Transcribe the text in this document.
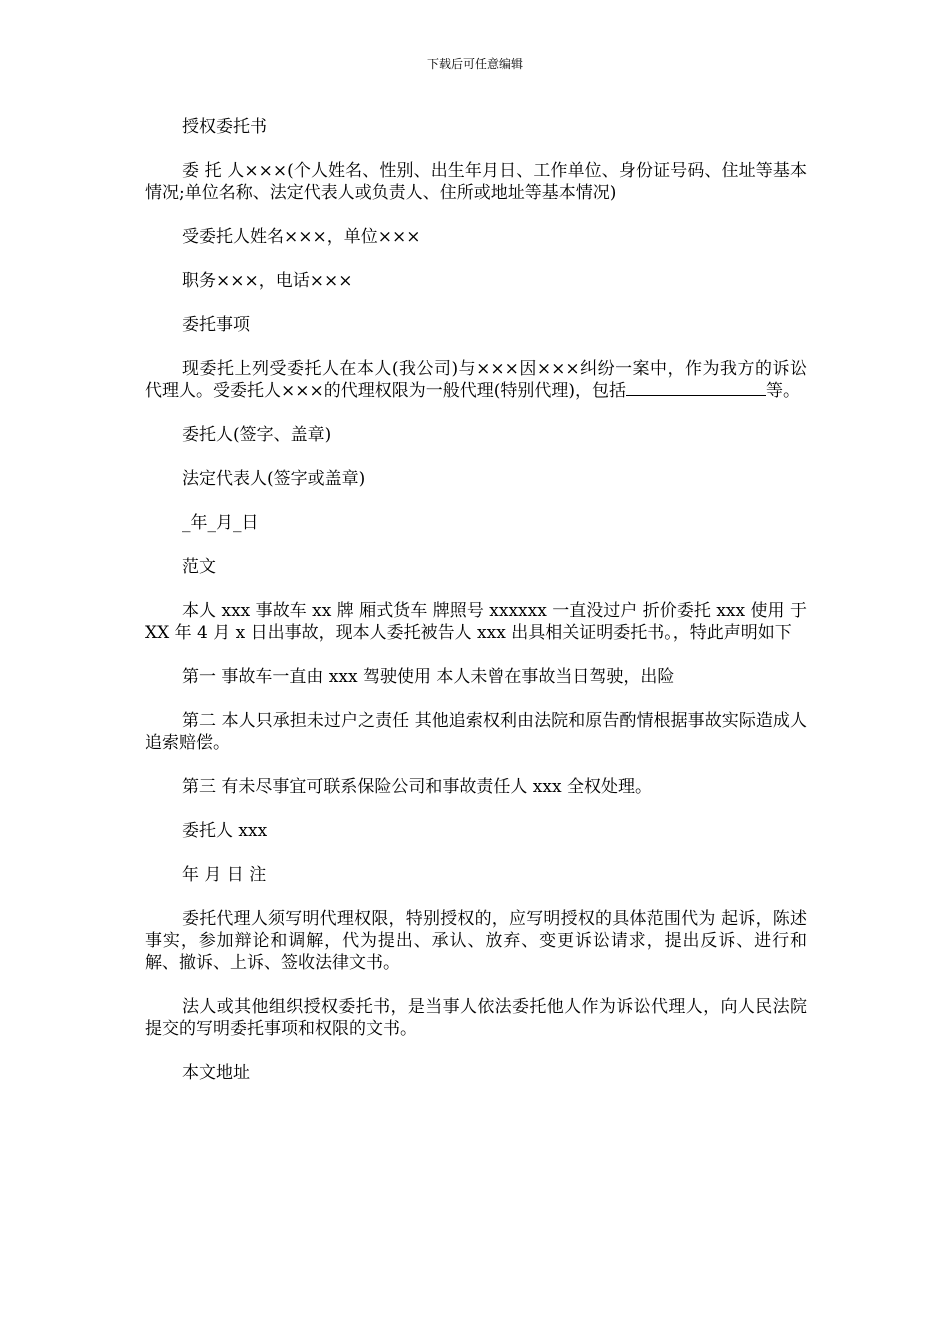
下载后可任意编辑

授权委托书

委 托 人×××(个人姓名、性别、出生年月日、工作单位、身份证号码、住址等基本情况;单位名称、法定代表人或负责人、住所或地址等基本情况)

受委托人姓名×××，单位×××

职务×××，电话×××

委托事项

现委托上列受委托人在本人(我公司)与×××因×××纠纷一案中，作为我方的诉讼代理人。受委托人×××的代理权限为一般代理(特别代理)，包括	等。

委托人(签字、盖章)

法定代表人(签字或盖章)

_年_月_日

范文

本人 xxx 事故车 xx 牌 厢式货车 牌照号 xxxxxx 一直没过户 折价委托 xxx 使用 于 XX 年 4 月 x 日出事故，现本人委托被告人 xxx 出具相关证明委托书。，特此声明如下

第一 事故车一直由 xxx 驾驶使用 本人未曾在事故当日驾驶，出险

第二 本人只承担未过户之责任 其他追索权利由法院和原告酌情根据事故实际造成人追索赔偿。

第三 有未尽事宜可联系保险公司和事故责任人 xxx 全权处理。

委托人 xxx

年 月 日 注

委托代理人须写明代理权限，特别授权的，应写明授权的具体范围代为 起诉，陈述事实，参加辩论和调解，代为提出、承认、放弃、变更诉讼请求，提出反诉、进行和解、撤诉、上诉、签收法律文书。

法人或其他组织授权委托书，是当事人依法委托他人作为诉讼代理人，向人民法院提交的写明委托事项和权限的文书。

本文地址
